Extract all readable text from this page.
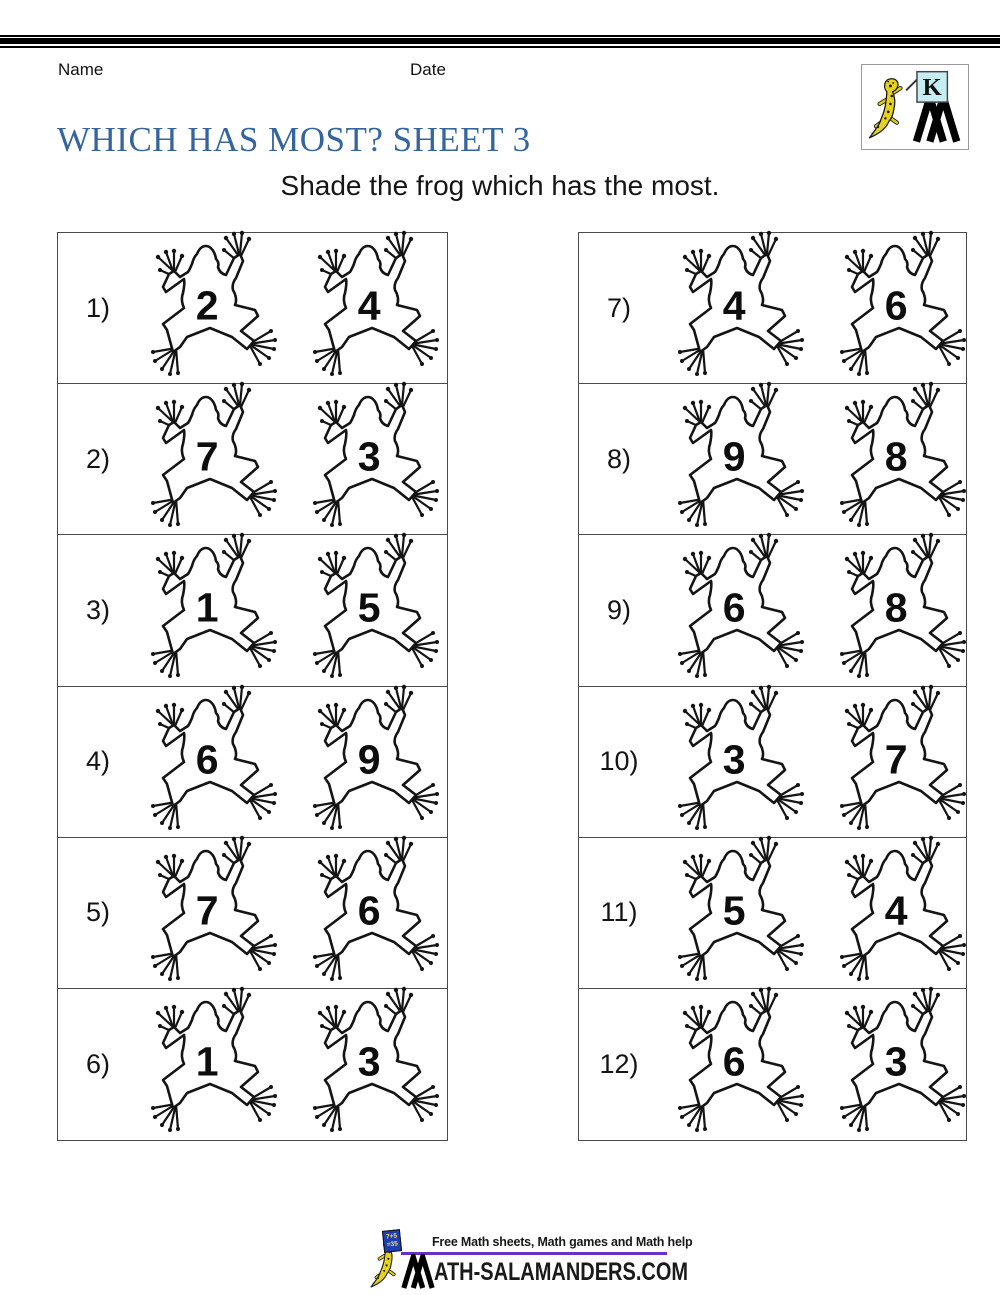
Name	Date
K
WHICH HAS MOST? SHEET 3
Shade the frog which has the most.
1)	2	4
2)	7	3
3)	1	5
4)	6	9
5)	7	6
6)	1	3
7)	4	6
8)	9	8
9)	6	8
10)	3	7
11)	5	4
12)	6	3
7+5
=35	Free Math sheets, Math games and Math help
ATH-SALAMANDERS.COM
